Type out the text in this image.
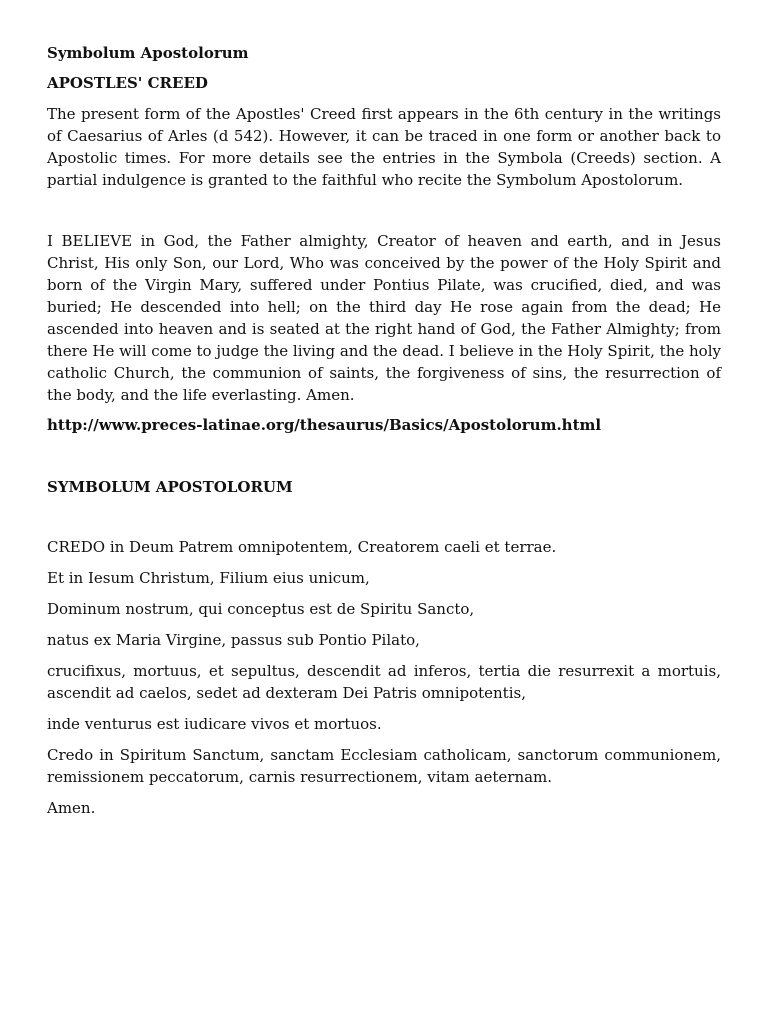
Symbolum Apostolorum

APOSTLES' CREED

The present form of the Apostles' Creed first appears in the 6th century in the writings of Caesarius of Arles (d 542). However, it can be traced in one form or another back to Apostolic times. For more details see the entries in the Symbola (Creeds) section. A partial indulgence is granted to the faithful who recite the Symbolum Apostolorum.

I BELIEVE in God, the Father almighty, Creator of heaven and earth, and in Jesus Christ, His only Son, our Lord, Who was conceived by the power of the Holy Spirit and born of the Virgin Mary, suffered under Pontius Pilate, was crucified, died, and was buried; He descended into hell; on the third day He rose again from the dead; He ascended into heaven and is seated at the right hand of God, the Father Almighty; from there He will come to judge the living and the dead. I believe in the Holy Spirit, the holy catholic Church, the communion of saints, the forgiveness of sins, the resurrection of the body, and the life everlasting. Amen.

http://www.preces-latinae.org/thesaurus/Basics/Apostolorum.html

SYMBOLUM APOSTOLORUM

CREDO in Deum Patrem omnipotentem, Creatorem caeli et terrae.

Et in Iesum Christum, Filium eius unicum,

Dominum nostrum, qui conceptus est de Spiritu Sancto,

natus ex Maria Virgine, passus sub Pontio Pilato,

crucifixus, mortuus, et sepultus, descendit ad inferos, tertia die resurrexit a mortuis, ascendit ad caelos, sedet ad dexteram Dei Patris omnipotentis,

inde venturus est iudicare vivos et mortuos.

Credo in Spiritum Sanctum, sanctam Ecclesiam catholicam, sanctorum communionem, remissionem peccatorum, carnis resurrectionem, vitam aeternam.

Amen.
